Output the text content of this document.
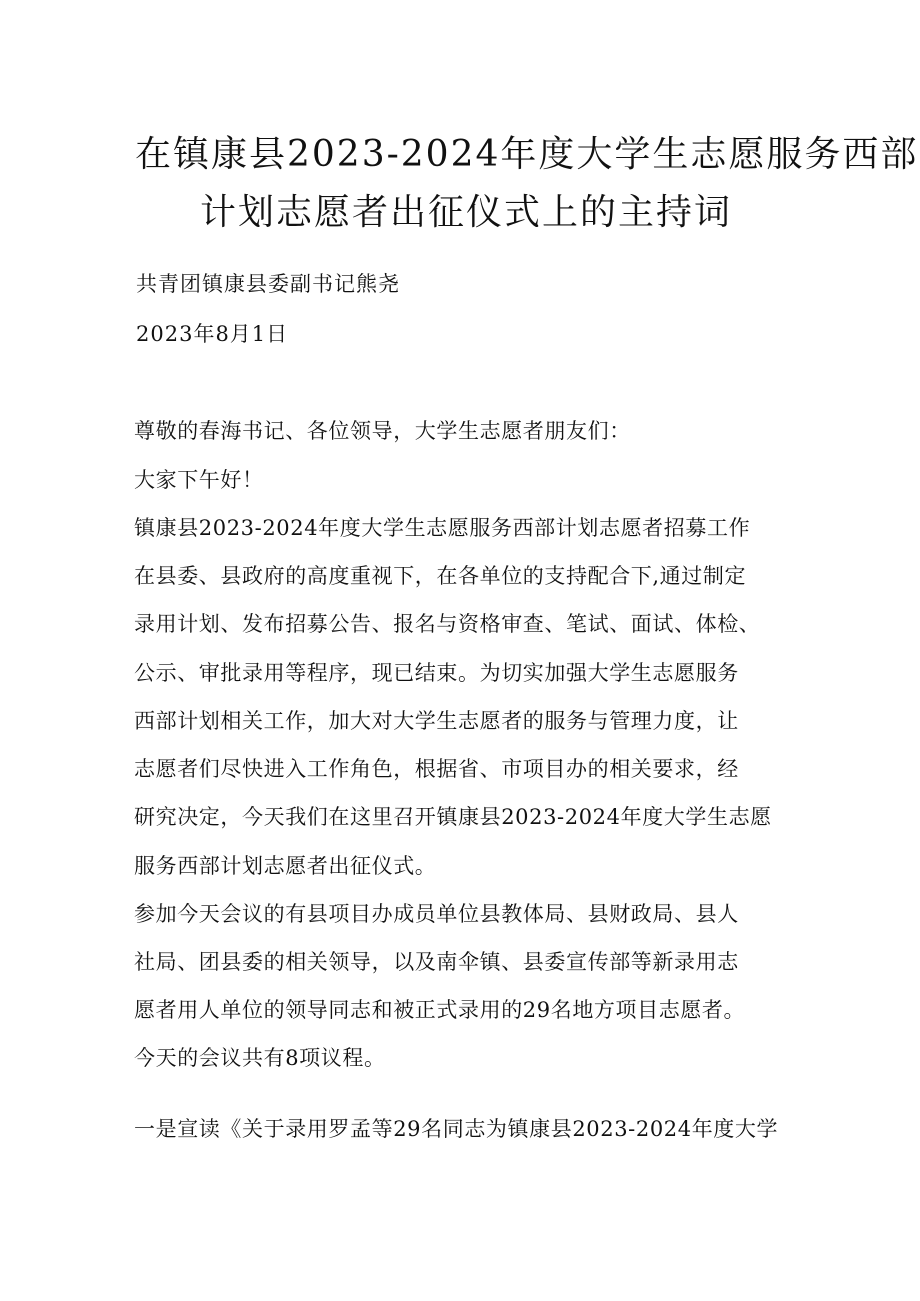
在镇康县2023-2024年度大学生志愿服务西部
计划志愿者出征仪式上的主持词
共青团镇康县委副书记熊尧
2023年8月1日
尊敬的春海书记、各位领导，大学生志愿者朋友们：
大家下午好！
镇康县2023-2024年度大学生志愿服务西部计划志愿者招募工作
在县委、县政府的高度重视下，在各单位的支持配合下,通过制定
录用计划、发布招募公告、报名与资格审查、笔试、面试、体检、
公示、审批录用等程序，现已结束。为切实加强大学生志愿服务
西部计划相关工作，加大对大学生志愿者的服务与管理力度，让
志愿者们尽快进入工作角色，根据省、市项目办的相关要求，经
研究决定，今天我们在这里召开镇康县2023-2024年度大学生志愿
服务西部计划志愿者出征仪式。
参加今天会议的有县项目办成员单位县教体局、县财政局、县人
社局、团县委的相关领导，以及南伞镇、县委宣传部等新录用志
愿者用人单位的领导同志和被正式录用的29名地方项目志愿者。
今天的会议共有8项议程。
一是宣读《关于录用罗孟等29名同志为镇康县2023-2024年度大学
